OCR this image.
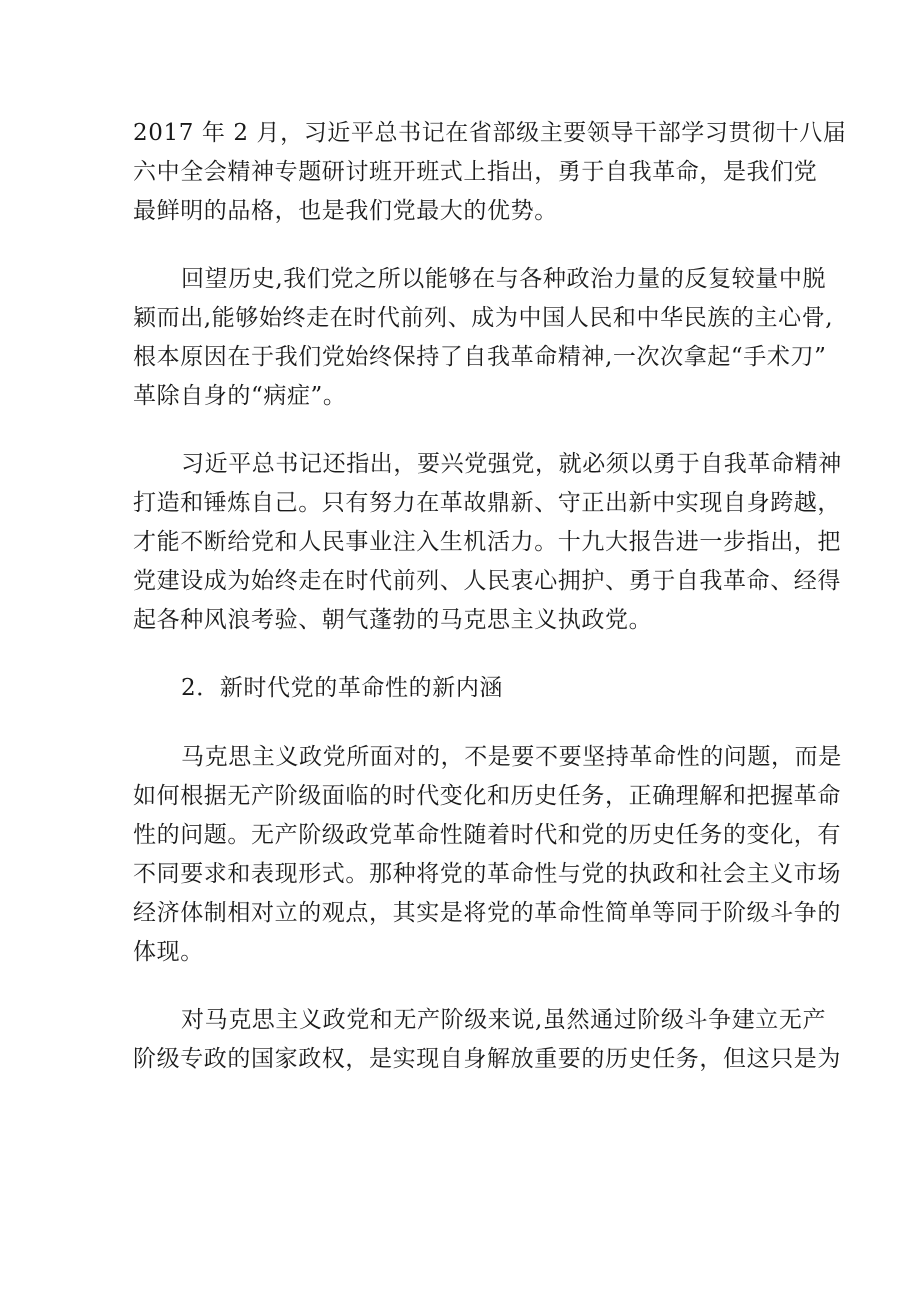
2017 年 2 月，习近平总书记在省部级主要领导干部学习贯彻十八届
六中全会精神专题研讨班开班式上指出，勇于自我革命，是我们党
最鲜明的品格，也是我们党最大的优势。
回望历史,我们党之所以能够在与各种政治力量的反复较量中脱
颖而出,能够始终走在时代前列、成为中国人民和中华民族的主心骨,
根本原因在于我们党始终保持了自我革命精神,一次次拿起“手术刀”
革除自身的“病症”。
习近平总书记还指出，要兴党强党，就必须以勇于自我革命精神
打造和锤炼自己。只有努力在革故鼎新、守正出新中实现自身跨越，
才能不断给党和人民事业注入生机活力。十九大报告进一步指出，把
党建设成为始终走在时代前列、人民衷心拥护、勇于自我革命、经得
起各种风浪考验、朝气蓬勃的马克思主义执政党。
2．新时代党的革命性的新内涵
马克思主义政党所面对的，不是要不要坚持革命性的问题，而是
如何根据无产阶级面临的时代变化和历史任务，正确理解和把握革命
性的问题。无产阶级政党革命性随着时代和党的历史任务的变化，有
不同要求和表现形式。那种将党的革命性与党的执政和社会主义市场
经济体制相对立的观点，其实是将党的革命性简单等同于阶级斗争的
体现。
对马克思主义政党和无产阶级来说,虽然通过阶级斗争建立无产
阶级专政的国家政权，是实现自身解放重要的历史任务，但这只是为
